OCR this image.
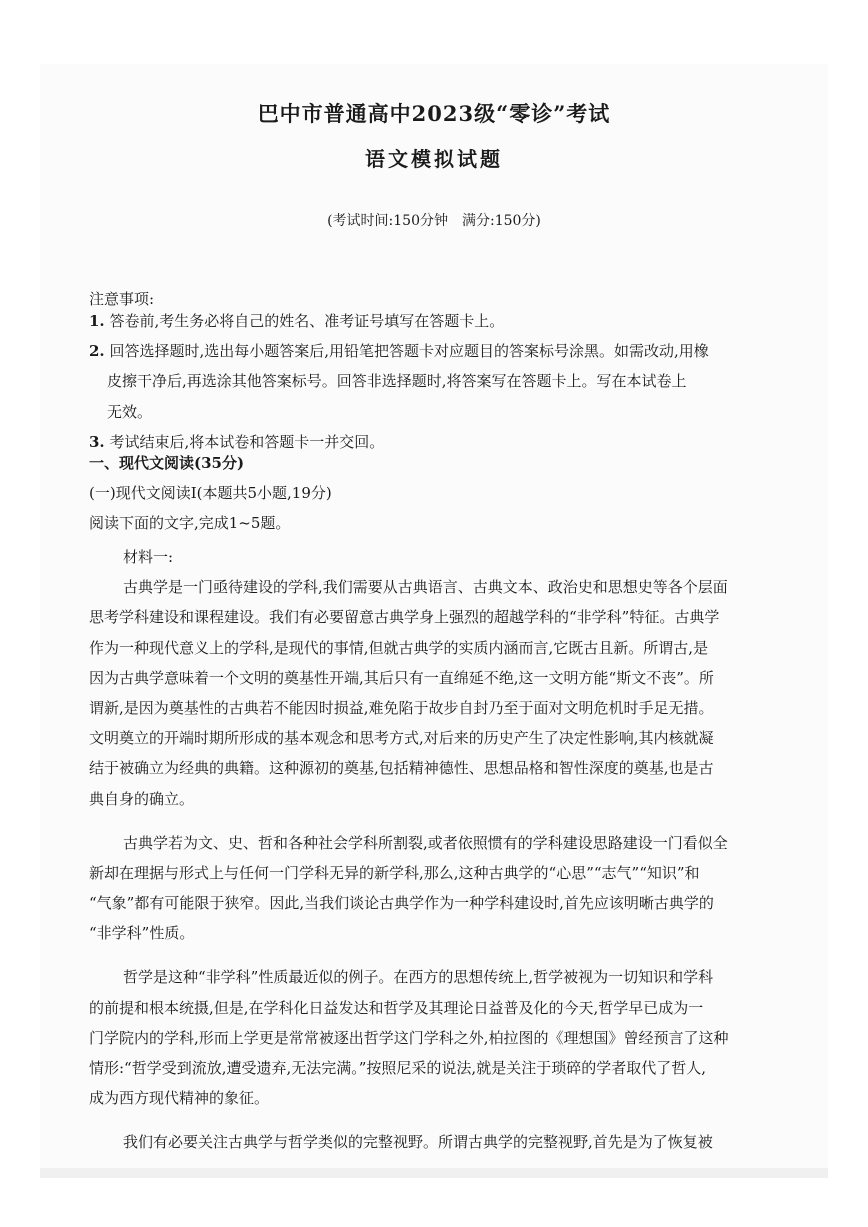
巴中市普通高中2023级“零诊”考试
语文模拟试题
(考试时间:150分钟　满分:150分)
注意事项:
1. 答卷前,考生务必将自己的姓名、准考证号填写在答题卡上。
2. 回答选择题时,选出每小题答案后,用铅笔把答题卡对应题目的答案标号涂黑。如需改动,用橡
皮擦干净后,再选涂其他答案标号。回答非选择题时,将答案写在答题卡上。写在本试卷上
无效。
3. 考试结束后,将本试卷和答题卡一并交回。
一、现代文阅读(35分)
(一)现代文阅读Ⅰ(本题共5小题,19分)
阅读下面的文字,完成1~5题。
材料一:
古典学是一门亟待建设的学科,我们需要从古典语言、古典文本、政治史和思想史等各个层面
思考学科建设和课程建设。我们有必要留意古典学身上强烈的超越学科的“非学科”特征。古典学
作为一种现代意义上的学科,是现代的事情,但就古典学的实质内涵而言,它既古且新。所谓古,是
因为古典学意味着一个文明的奠基性开端,其后只有一直绵延不绝,这一文明方能“斯文不丧”。所
谓新,是因为奠基性的古典若不能因时损益,难免陷于故步自封乃至于面对文明危机时手足无措。
文明奠立的开端时期所形成的基本观念和思考方式,对后来的历史产生了决定性影响,其内核就凝
结于被确立为经典的典籍。这种源初的奠基,包括精神德性、思想品格和智性深度的奠基,也是古
典自身的确立。
古典学若为文、史、哲和各种社会学科所割裂,或者依照惯有的学科建设思路建设一门看似全
新却在理据与形式上与任何一门学科无异的新学科,那么,这种古典学的“心思”“志气”“知识”和
“气象”都有可能限于狭窄。因此,当我们谈论古典学作为一种学科建设时,首先应该明晰古典学的
“非学科”性质。
哲学是这种“非学科”性质最近似的例子。在西方的思想传统上,哲学被视为一切知识和学科
的前提和根本统摄,但是,在学科化日益发达和哲学及其理论日益普及化的今天,哲学早已成为一
门学院内的学科,形而上学更是常常被逐出哲学这门学科之外,柏拉图的《理想国》曾经预言了这种
情形:“哲学受到流放,遭受遗弃,无法完满。”按照尼采的说法,就是关注于琐碎的学者取代了哲人,
成为西方现代精神的象征。
我们有必要关注古典学与哲学类似的完整视野。所谓古典学的完整视野,首先是为了恢复被
